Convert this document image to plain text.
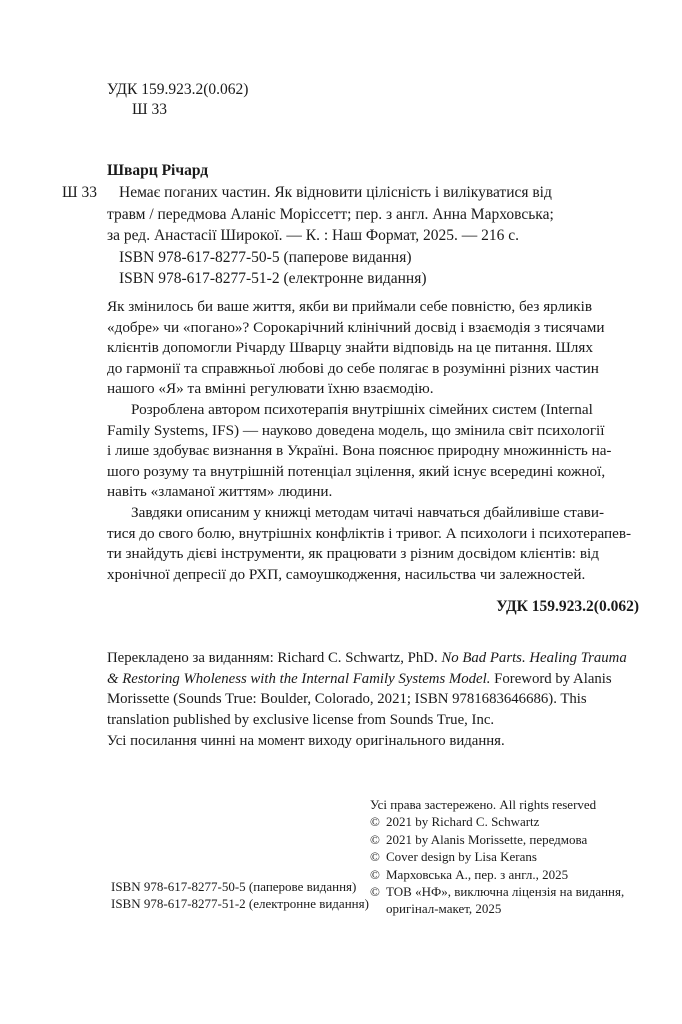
УДК 159.923.2(0.062)
Ш 33
Шварц Річард
Ш 33	Немає поганих частин. Як відновити цілісність і вилікуватися від
травм / передмова Аланіс Моріссетт; пер. з англ. Анна Марховська;
за ред. Анастасії Широкої. — К. : Наш Формат, 2025. — 216 с.
ISBN 978-617-8277-50-5 (паперове видання)
ISBN 978-617-8277-51-2 (електронне видання)

Як змінилось би ваше життя, якби ви приймали себе повністю, без ярликів
«добре» чи «погано»? Сорокарічний клінічний досвід і взаємодія з тисячами
клієнтів допомогли Річарду Шварцу знайти відповідь на це питання. Шлях
до гармонії та справжньої любові до себе полягає в розумінні різних частин
нашого «Я» та вмінні регулювати їхню взаємодію.

Розроблена автором психотерапія внутрішніх сімейних систем (Internal
Family Systems, IFS) — науково доведена модель, що змінила світ психології
і лише здобуває визнання в Україні. Вона пояснює природну множинність на-
шого розуму та внутрішній потенціал зцілення, який існує всередині кожної,
навіть «зламаної життям» людини.

Завдяки описаним у книжці методам читачі навчаться дбайливіше стави-
тися до свого болю, внутрішніх конфліктів і тривог. А психологи і психотерапев-
ти знайдуть дієві інструменти, як працювати з різним досвідом клієнтів: від
хронічної депресії до РХП, самоушкодження, насильства чи залежностей.

УДК 159.923.2(0.062)
Перекладено за виданням: Richard C. Schwartz, PhD. No Bad Parts. Healing Trauma
& Restoring Wholeness with the Internal Family Systems Model. Foreword by Alanis
Morissette (Sounds True: Boulder, Colorado, 2021; ISBN 9781683646686). This
translation published by exclusive license from Sounds True, Inc.
Усі посилання чинні на момент виходу оригінального видання.
Усі права застережено. All rights reserved
© 2021 by Richard C. Schwartz
© 2021 by Alanis Morissette, передмова
© Cover design by Lisa Kerans
© Марховська А., пер. з англ., 2025
© ТОВ «НФ», виключна ліцензія на видання,
оригінал-макет, 2025
ISBN 978-617-8277-50-5 (паперове видання)
ISBN 978-617-8277-51-2 (електронне видання)
